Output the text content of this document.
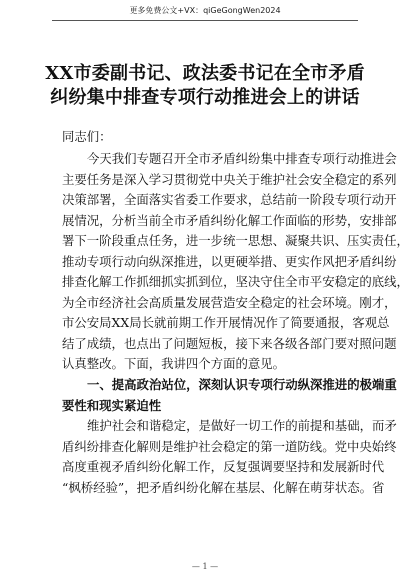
更多免费公文+VX：qiGeGongWen2024
XX市委副书记、政法委书记在全市矛盾
纠纷集中排查专项行动推进会上的讲话
同志们：
今天我们专题召开全市矛盾纠纷集中排查专项行动推进会
主要任务是深入学习贯彻党中央关于维护社会安全稳定的系列
决策部署，全面落实省委工作要求，总结前一阶段专项行动开
展情况，分析当前全市矛盾纠纷化解工作面临的形势，安排部
署下一阶段重点任务，进一步统一思想、凝聚共识、压实责任，
推动专项行动向纵深推进，以更硬举措、更实作风把矛盾纠纷
排查化解工作抓细抓实抓到位，坚决守住全市平安稳定的底线，
为全市经济社会高质量发展营造安全稳定的社会环境。刚才，
市公安局XX局长就前期工作开展情况作了简要通报，客观总
结了成绩，也点出了问题短板，接下来各级各部门要对照问题
认真整改。下面，我讲四个方面的意见。
一、提高政治站位，深刻认识专项行动纵深推进的极端重
要性和现实紧迫性
维护社会和谐稳定，是做好一切工作的前提和基础，而矛
盾纠纷排查化解则是维护社会稳定的第一道防线。党中央始终
高度重视矛盾纠纷化解工作，反复强调要坚持和发展新时代
“枫桥经验”，把矛盾纠纷化解在基层、化解在萌芽状态。省
— 1 —
